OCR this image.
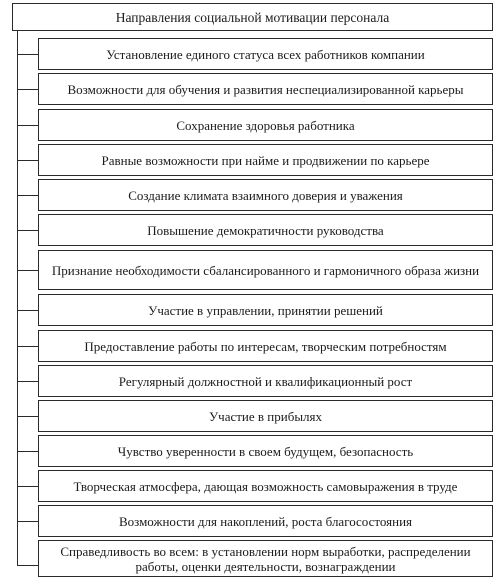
Направления социальной мотивации персонала
Установление единого статуса всех работников компании
Возможности для обучения и развития неспециализированной карьеры
Сохранение здоровья работника
Равные возможности при найме и продвижении по карьере
Создание климата взаимного доверия и уважения
Повышение демократичности руководства
Признание необходимости сбалансированного и гармоничного образа жизни
Участие в управлении, принятии решений
Предоставление работы по интересам, творческим потребностям
Регулярный должностной и квалификационный рост
Участие в прибылях
Чувство уверенности в своем будущем, безопасность
Творческая атмосфера, дающая возможность самовыражения в труде
Возможности для накоплений, роста благосостояния
Справедливость во всем: в установлении норм выработки, распределении работы, оценки деятельности, вознаграждении
